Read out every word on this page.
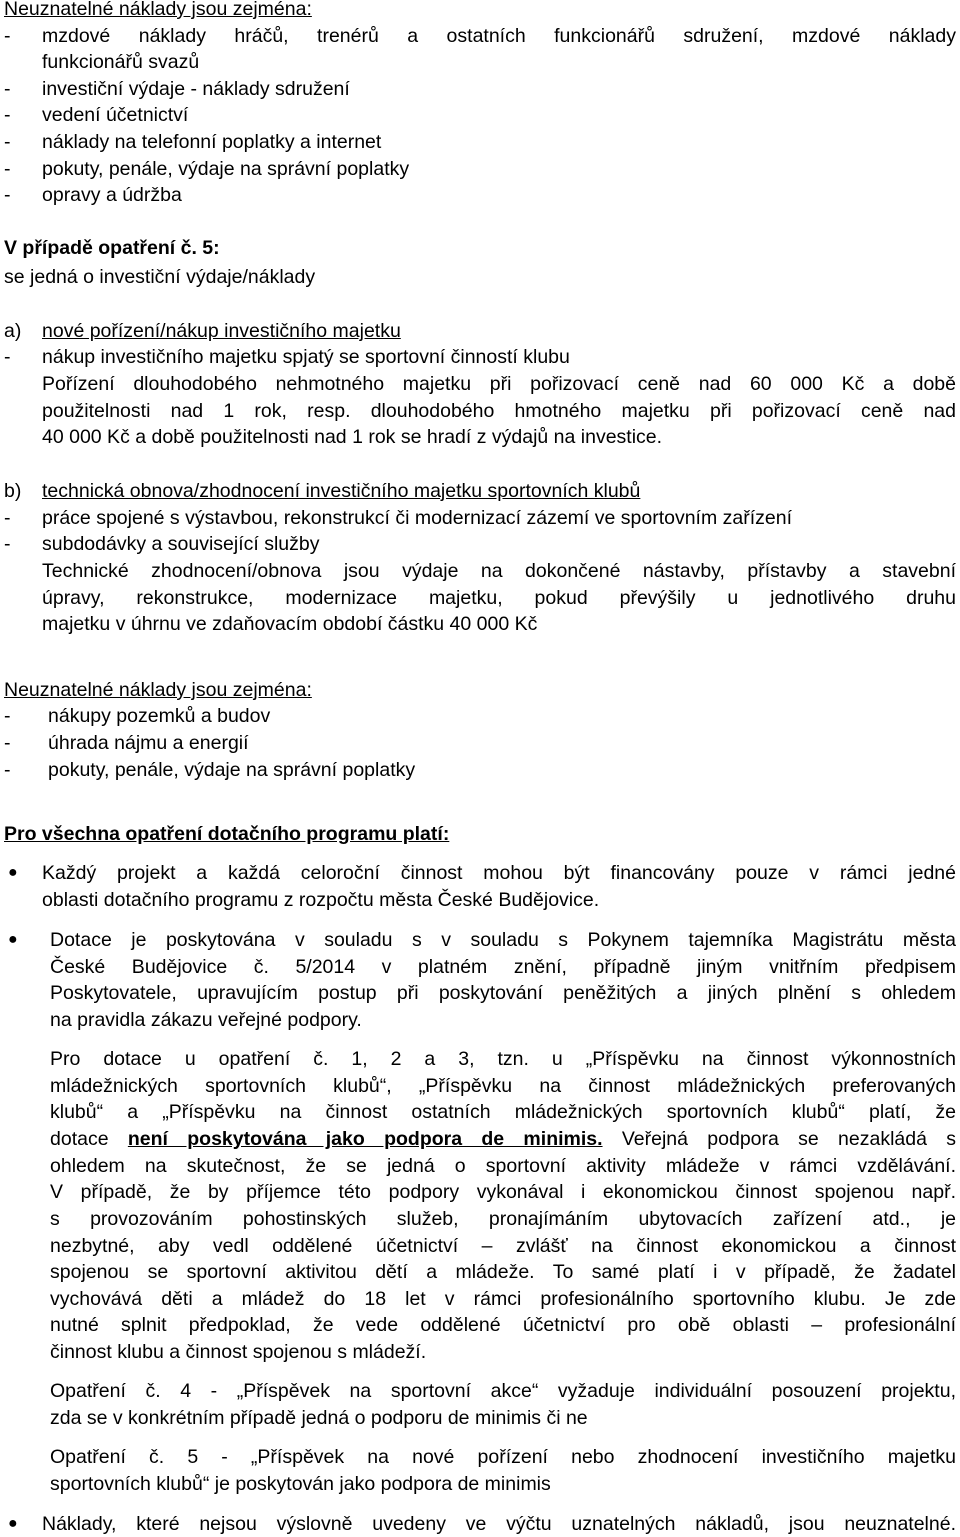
Neuznatelné náklady jsou zejména:
-	mzdové náklady hráčů, trenérů a ostatních funkcionářů sdružení, mzdové náklady
funkcionářů svazů
-	investiční výdaje - náklady sdružení
-	vedení účetnictví
-	náklady na telefonní poplatky a internet
-	pokuty, penále, výdaje na správní poplatky
-	opravy a údržba
V případě opatření č. 5:
se jedná o investiční výdaje/náklady
a)	nové pořízení/nákup investičního majetku
-	nákup investičního majetku spjatý se sportovní činností klubu
Pořízení dlouhodobého nehmotného majetku při pořizovací ceně nad 60 000 Kč a době
použitelnosti nad 1 rok, resp. dlouhodobého hmotného majetku při pořizovací ceně nad
40 000 Kč a době použitelnosti nad 1 rok se hradí z výdajů na investice.
b)	technická obnova/zhodnocení investičního majetku sportovních klubů
-	práce spojené s výstavbou, rekonstrukcí či modernizací zázemí ve sportovním zařízení
-	subdodávky a související služby
Technické zhodnocení/obnova jsou výdaje na dokončené nástavby, přístavby a stavební
úpravy, rekonstrukce, modernizace majetku, pokud převýšily u jednotlivého druhu
majetku v úhrnu ve zdaňovacím období částku 40 000 Kč
Neuznatelné náklady jsou zejména:
-	nákupy pozemků a budov
-	úhrada nájmu a energií
-	pokuty, penále, výdaje na správní poplatky
Pro všechna opatření dotačního programu platí:
● Každý projekt a každá celoroční činnost mohou být financovány pouze v rámci jedné
oblasti dotačního programu z rozpočtu města České Budějovice.
● Dotace je poskytována v souladu s v souladu s Pokynem tajemníka Magistrátu města
České Budějovice č. 5/2014 v platném znění, případně jiným vnitřním předpisem
Poskytovatele, upravujícím postup při poskytování peněžitých a jiných plnění s ohledem
na pravidla zákazu veřejné podpory.
Pro dotace u opatření č. 1, 2 a 3, tzn. u „Příspěvku na činnost výkonnostních
mládežnických sportovních klubů“, „Příspěvku na činnost mládežnických preferovaných
klubů“ a „Příspěvku na činnost ostatních mládežnických sportovních klubů“ platí, že
dotace není poskytována jako podpora de minimis. Veřejná podpora se nezakládá s
ohledem na skutečnost, že se jedná o sportovní aktivity mládeže v rámci vzdělávání.
V případě, že by příjemce této podpory vykonával i ekonomickou činnost spojenou např.
s provozováním pohostinských služeb, pronajímáním ubytovacích zařízení atd., je
nezbytné, aby vedl oddělené účetnictví – zvlášť na činnost ekonomickou a činnost
spojenou se sportovní aktivitou dětí a mládeže. To samé platí i v případě, že žadatel
vychovává děti a mládež do 18 let v rámci profesionálního sportovního klubu. Je zde
nutné splnit předpoklad, že vede oddělené účetnictví pro obě oblasti – profesionální
činnost klubu a činnost spojenou s mládeží.
Opatření č. 4 - „Příspěvek na sportovní akce“ vyžaduje individuální posouzení projektu,
zda se v konkrétním případě jedná o podporu de minimis či ne
Opatření č. 5 - „Příspěvek na nové pořízení nebo zhodnocení investičního majetku
sportovních klubů“ je poskytován jako podpora de minimis
● Náklady, které nejsou výslovně uvedeny ve výčtu uznatelných nákladů, jsou neuznatelné.
